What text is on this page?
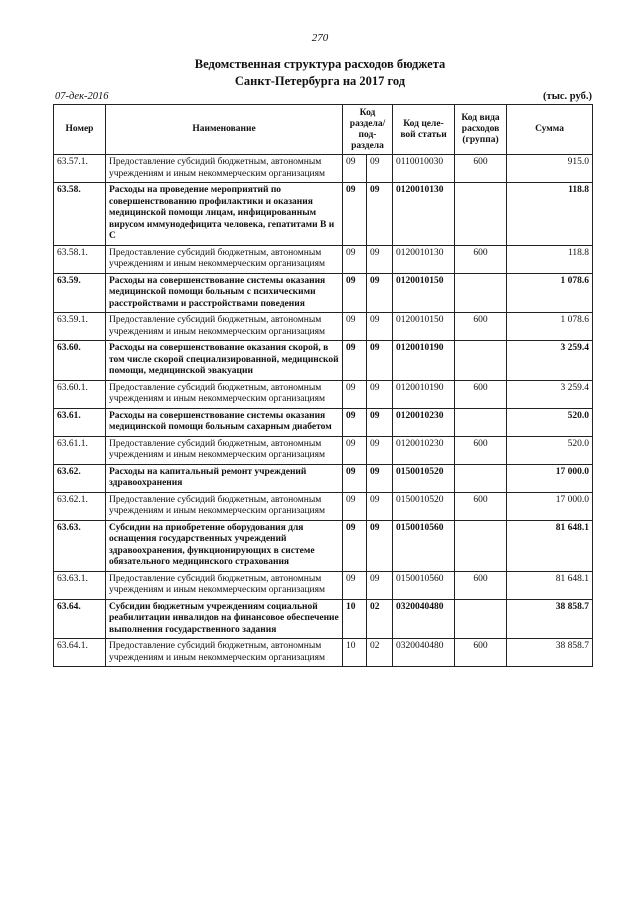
270
Ведомственная структура расходов бюджета
Санкт-Петербурга на 2017 год
07-дек-2016	(тыс. руб.)
Номер	Наименование	Код раздела/ под-раздела		Код целе-вой статьи	Код вида расходов (группа)	Сумма
63.57.1.	Предоставление субсидий бюджетным, автономным учреждениям и иным некоммерческим организациям	09	09	0110010030	600	915.0
63.58.	Расходы на проведение мероприятий по совершенствованию профилактики и оказания медицинской помощи лицам, инфицированным вирусом иммунодефицита человека, гепатитами В и С	09	09	0120010130		118.8
63.58.1.	Предоставление субсидий бюджетным, автономным учреждениям и иным некоммерческим организациям	09	09	0120010130	600	118.8
63.59.	Расходы на совершенствование системы оказания медицинской помощи больным с психическими расстройствами и расстройствами поведения	09	09	0120010150		1 078.6
63.59.1.	Предоставление субсидий бюджетным, автономным учреждениям и иным некоммерческим организациям	09	09	0120010150	600	1 078.6
63.60.	Расходы на совершенствование оказания скорой, в том числе скорой специализированной, медицинской помощи, медицинской эвакуации	09	09	0120010190		3 259.4
63.60.1.	Предоставление субсидий бюджетным, автономным учреждениям и иным некоммерческим организациям	09	09	0120010190	600	3 259.4
63.61.	Расходы на совершенствование системы оказания медицинской помощи больным сахарным диабетом	09	09	0120010230		520.0
63.61.1.	Предоставление субсидий бюджетным, автономным учреждениям и иным некоммерческим организациям	09	09	0120010230	600	520.0
63.62.	Расходы на капитальный ремонт учреждений здравоохранения	09	09	0150010520		17 000.0
63.62.1.	Предоставление субсидий бюджетным, автономным учреждениям и иным некоммерческим организациям	09	09	0150010520	600	17 000.0
63.63.	Субсидии на приобретение оборудования для оснащения государственных учреждений здравоохранения, функционирующих в системе обязательного медицинского страхования	09	09	0150010560		81 648.1
63.63.1.	Предоставление субсидий бюджетным, автономным учреждениям и иным некоммерческим организациям	09	09	0150010560	600	81 648.1
63.64.	Субсидии бюджетным учреждениям социальной реабилитации инвалидов на финансовое обеспечение выполнения государственного задания	10	02	0320040480		38 858.7
63.64.1.	Предоставление субсидий бюджетным, автономным учреждениям и иным некоммерческим организациям	10	02	0320040480	600	38 858.7
